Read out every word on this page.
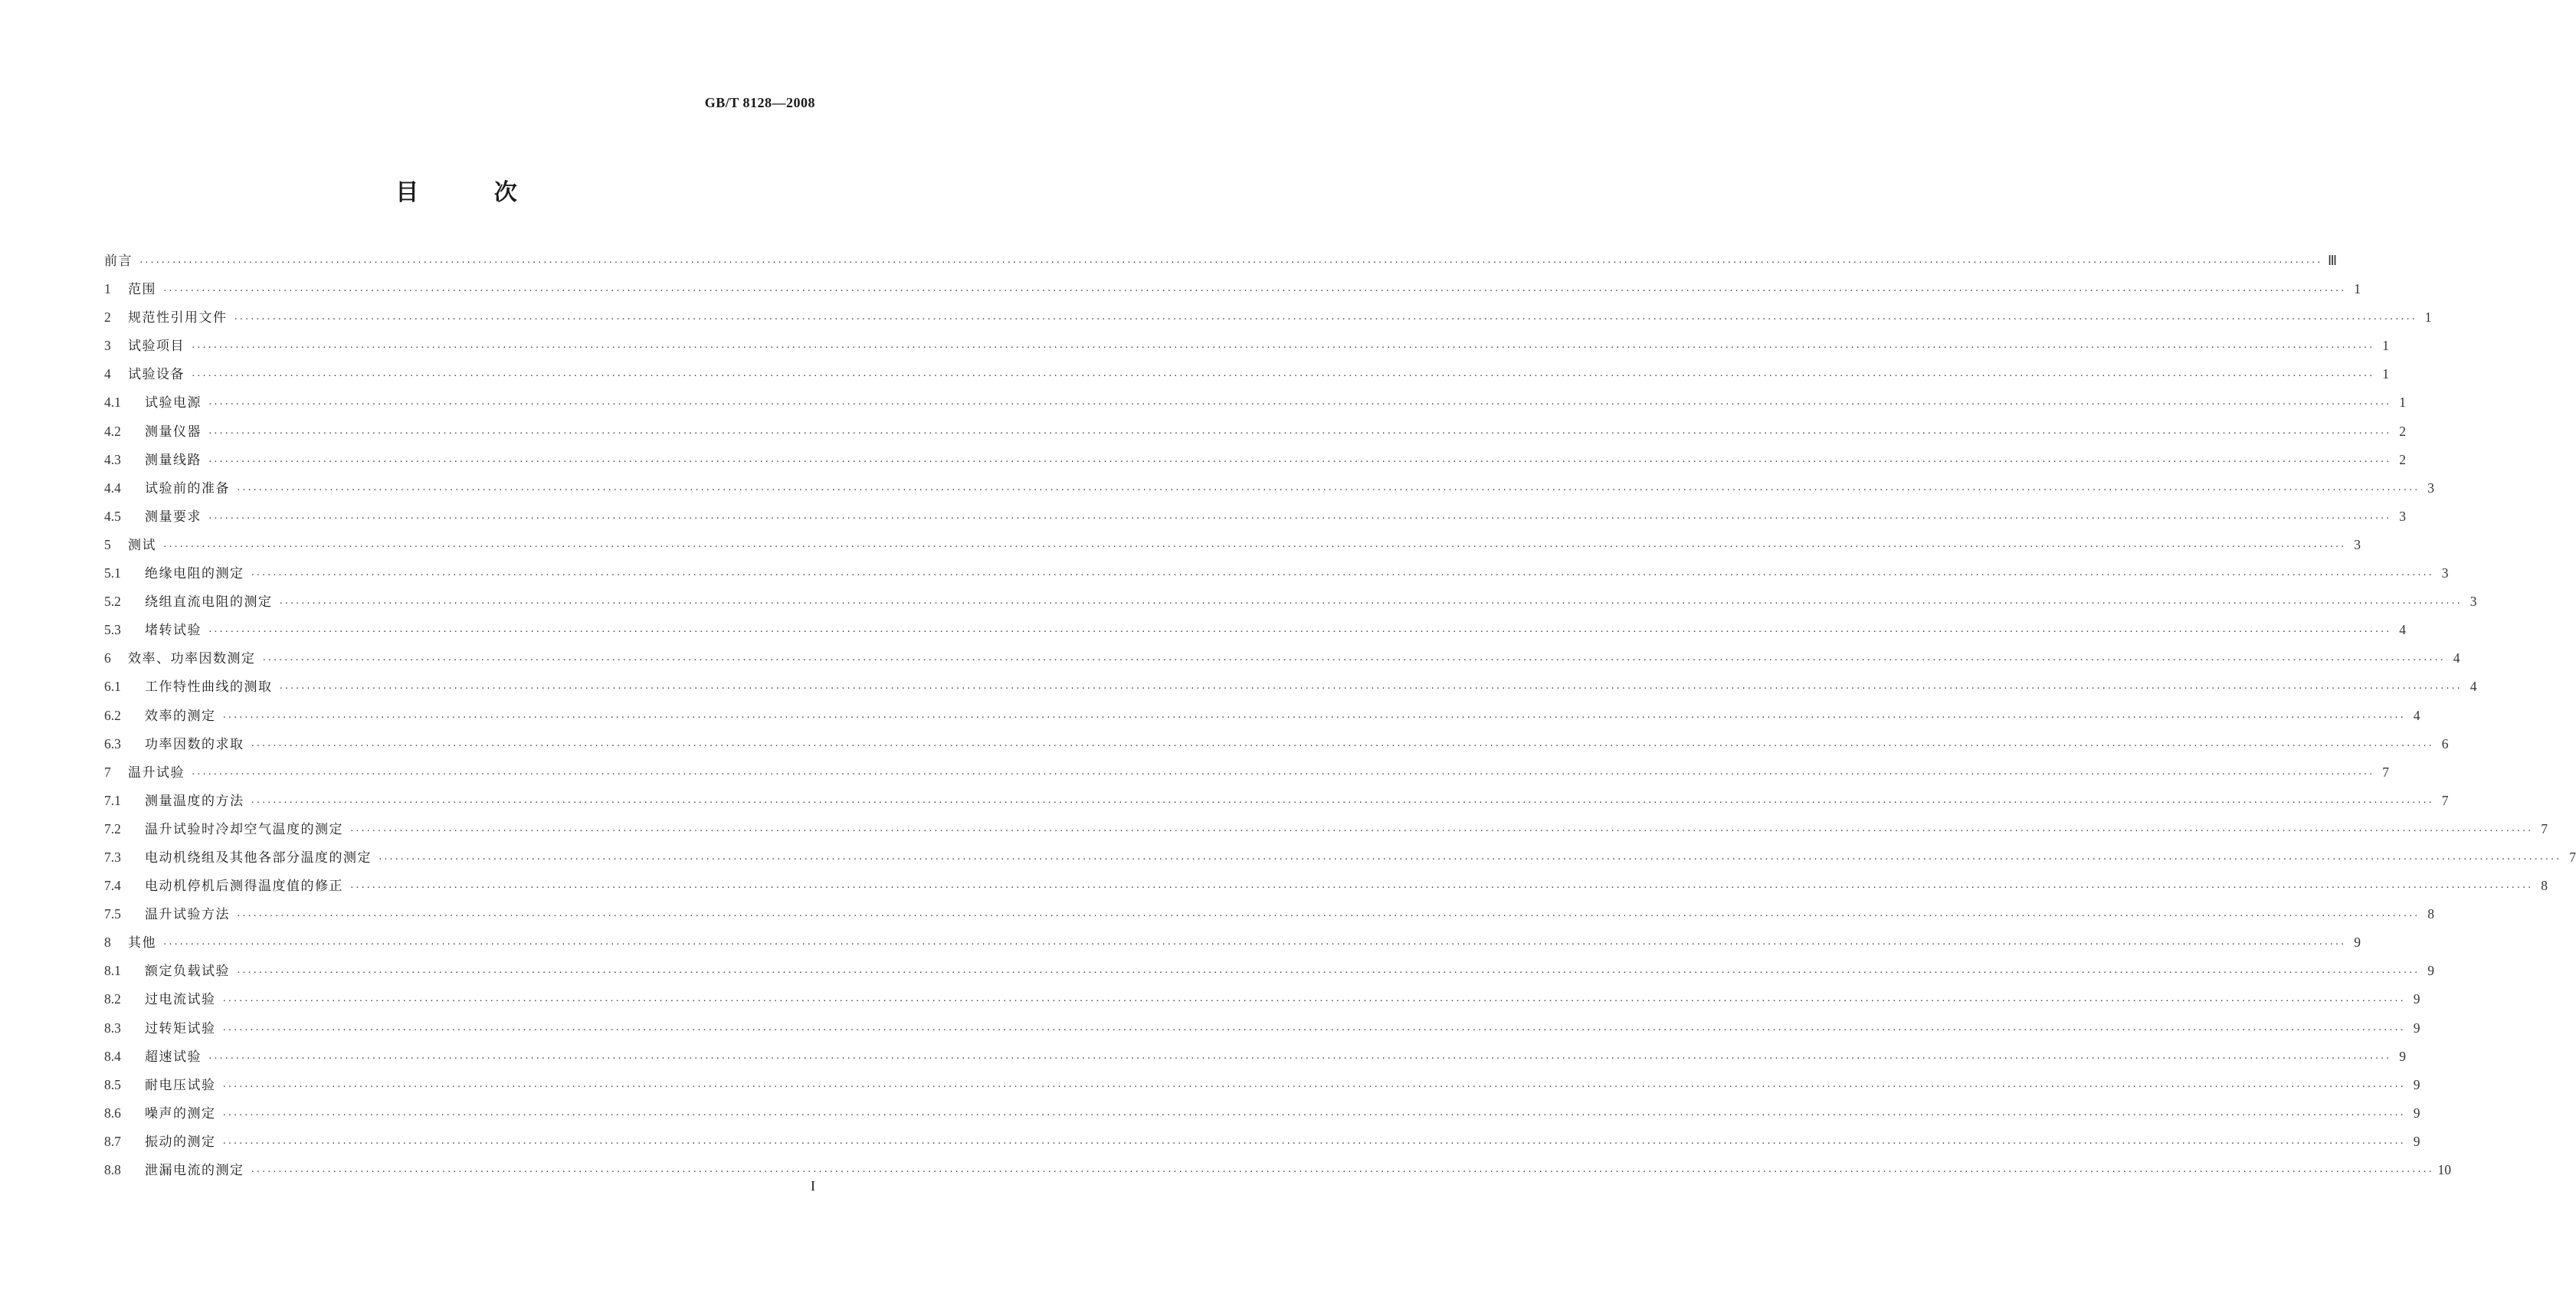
GB/T 8128—2008
目 次
前言 ················································································································································································································································································································································································································ Ⅲ
1	范围 ················································································································································································································································································································································································································ 1
2	规范性引用文件 ················································································································································································································································································································································································································ 1
3	试验项目 ················································································································································································································································································································································································································ 1
4	试验设备 ················································································································································································································································································································································································································ 1
4.1	试验电源 ················································································································································································································································································································································································································ 1
4.2	测量仪器 ················································································································································································································································································································································································································ 2
4.3	测量线路 ················································································································································································································································································································································································································ 2
4.4	试验前的准备 ················································································································································································································································································································································································································ 3
4.5	测量要求 ················································································································································································································································································································································································································ 3
5	测试 ················································································································································································································································································································································································································ 3
5.1	绝缘电阻的测定 ················································································································································································································································································································································································································ 3
5.2	绕组直流电阻的测定 ················································································································································································································································································································································································································ 3
5.3	堵转试验 ················································································································································································································································································································································································································ 4
6	效率、功率因数测定 ················································································································································································································································································································································································································ 4
6.1	工作特性曲线的测取 ················································································································································································································································································································································································································ 4
6.2	效率的测定 ················································································································································································································································································································································································································ 4
6.3	功率因数的求取 ················································································································································································································································································································································································································ 6
7	温升试验 ················································································································································································································································································································································································································ 7
7.1	测量温度的方法 ················································································································································································································································································································································································································ 7
7.2	温升试验时冷却空气温度的测定 ················································································································································································································································································································································································································ 7
7.3	电动机绕组及其他各部分温度的测定 ················································································································································································································································································································································································································ 7
7.4	电动机停机后测得温度值的修正 ················································································································································································································································································································································································································ 8
7.5	温升试验方法 ················································································································································································································································································································································································································ 8
8	其他 ················································································································································································································································································································································································································ 9
8.1	额定负载试验 ················································································································································································································································································································································································································ 9
8.2	过电流试验 ················································································································································································································································································································································································································ 9
8.3	过转矩试验 ················································································································································································································································································································································································································ 9
8.4	超速试验 ················································································································································································································································································································································································································ 9
8.5	耐电压试验 ················································································································································································································································································································································································································ 9
8.6	噪声的测定 ················································································································································································································································································································································································································ 9
8.7	振动的测定 ················································································································································································································································································································································································································ 9
8.8	泄漏电流的测定 ················································································································································································································································································································································································································ 10
I
